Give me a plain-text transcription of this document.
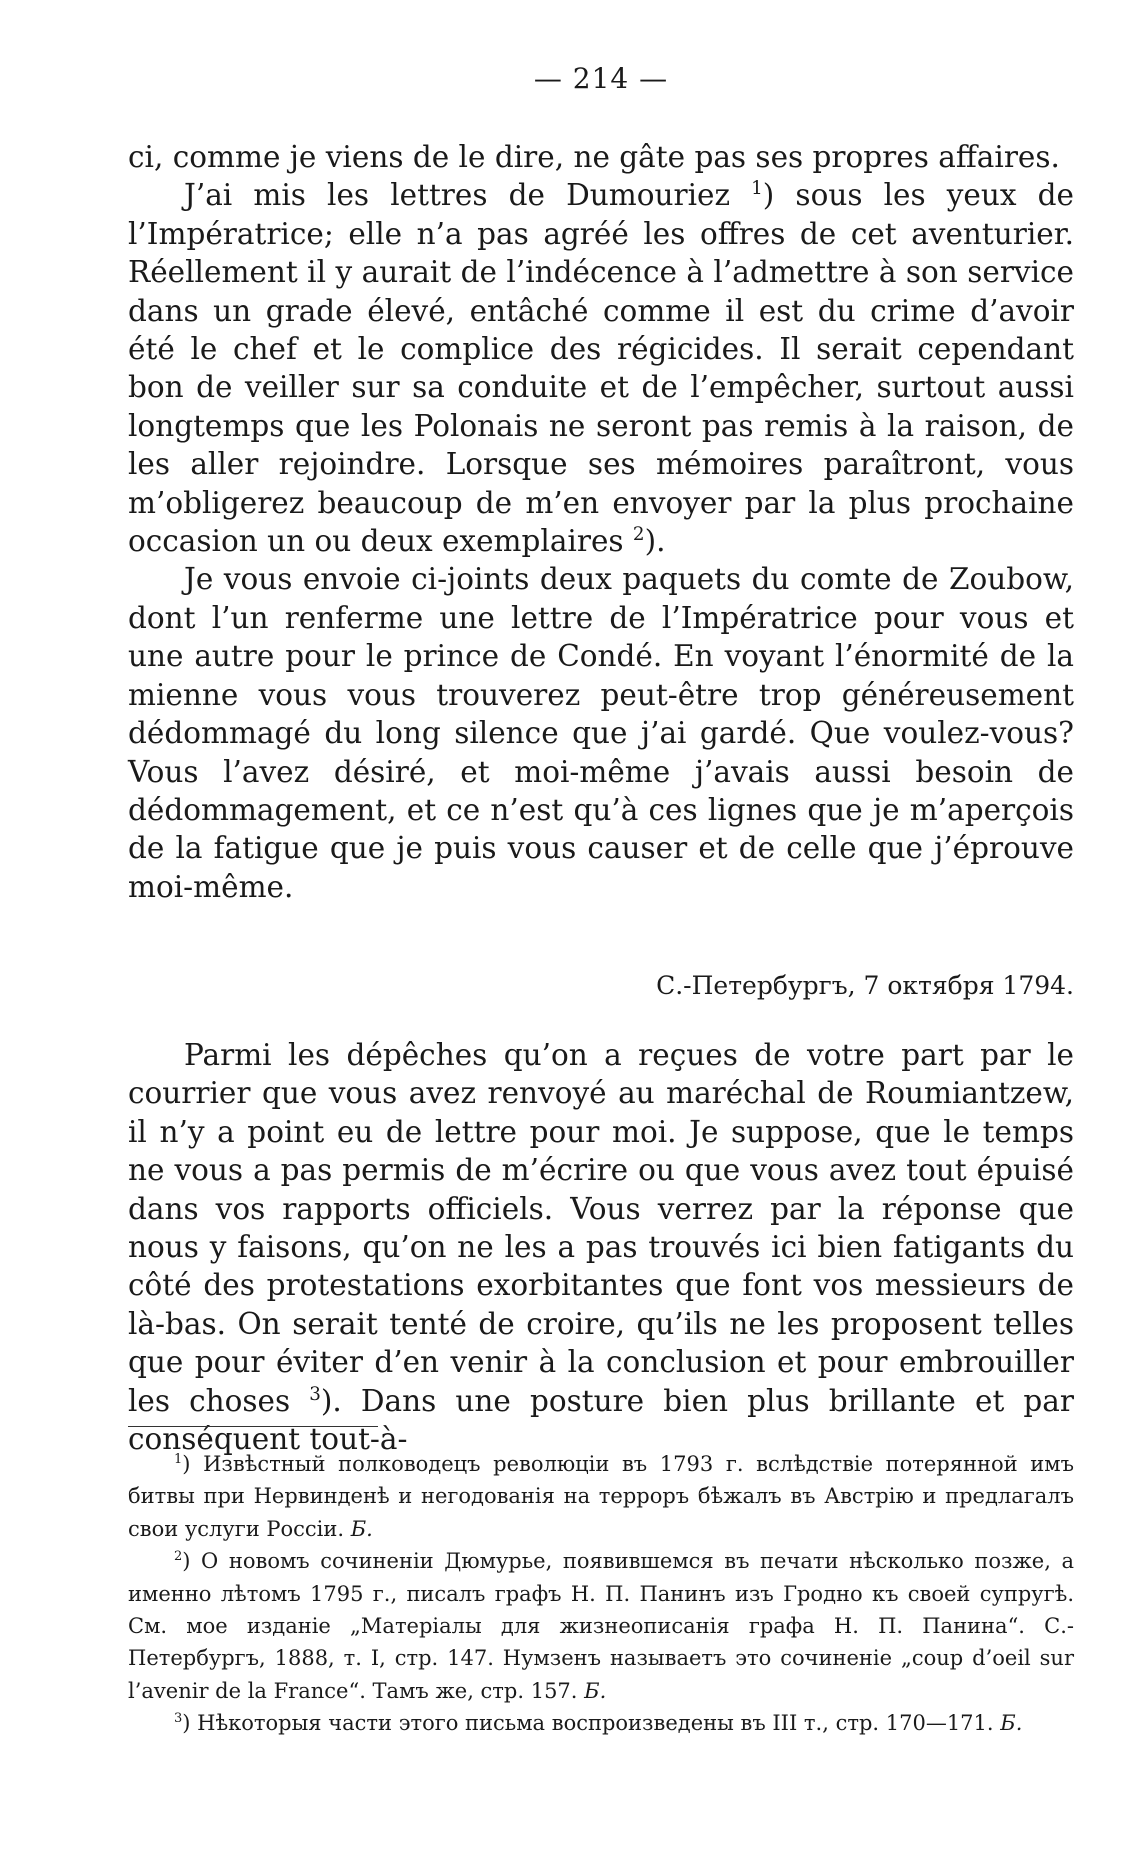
— 214 —

ci, comme je viens de le dire, ne gâte pas ses propres affaires.

J’ai mis les lettres de Dumouriez $^1$) sous les yeux de l’Impératrice; elle n’a pas agréé les offres de cet aventurier. Réellement il y aurait de l’indécence à l’admettre à son service dans un grade élevé, entâché comme il est du crime d’avoir été le chef et le complice des régicides. Il serait cependant bon de veiller sur sa conduite et de l’empêcher, surtout aussi longtemps que les Polonais ne seront pas remis à la raison, de les aller rejoindre. Lorsque ses mémoires paraîtront, vous m’obligerez beaucoup de m’en envoyer par la plus prochaine occasion un ou deux exemplaires $^2$).

Je vous envoie ci-joints deux paquets du comte de Zoubow, dont l’un renferme une lettre de l’Impératrice pour vous et une autre pour le prince de Condé. En voyant l’énormité de la mienne vous vous trouverez peut-être trop généreusement dédommagé du long silence que j’ai gardé. Que voulez-vous? Vous l’avez désiré, et moi-même j’avais aussi besoin de dédommagement, et ce n’est qu’à ces lignes que je m’aperçois de la fatigue que je puis vous causer et de celle que j’éprouve moi-même.

С.-Петербургъ, 7 октября 1794.

Parmi les dépêches qu’on a reçues de votre part par le courrier que vous avez renvoyé au maréchal de Roumiantzew, il n’y a point eu de lettre pour moi. Je suppose, que le temps ne vous a pas permis de m’écrire ou que vous avez tout épuisé dans vos rapports officiels. Vous verrez par la réponse que nous y faisons, qu’on ne les a pas trouvés ici bien fatigants du côté des protestations exorbitantes que font vos messieurs de là-bas. On serait tenté de croire, qu’ils ne les proposent telles que pour éviter d’en venir à la conclusion et pour embrouiller les choses $^3$). Dans une posture bien plus brillante et par conséquent tout-à-

$^1$) Извѣстный полководецъ революціи въ 1793 г. вслѣдствіе потерянной имъ битвы при Нервинденѣ и негодованія на терроръ бѣжалъ въ Австрію и предлагалъ свои услуги Россіи. Б.

$^2$) О новомъ сочиненіи Дюмурье, появившемся въ печати нѣсколько позже, а именно лѣтомъ 1795 г., писалъ графъ Н. П. Панинъ изъ Гродно къ своей супругѣ. См. мое изданіе „Матеріалы для жизнеописанія графа Н. П. Панина“. С.-Петербургъ, 1888, т. I, стр. 147. Нумзенъ называетъ это сочиненіе „coup d’oeil sur l’avenir de la France“. Тамъ же, стр. 157. Б.

$^3$) Нѣкоторыя части этого письма воспроизведены въ III т., стр. 170—171. Б.
